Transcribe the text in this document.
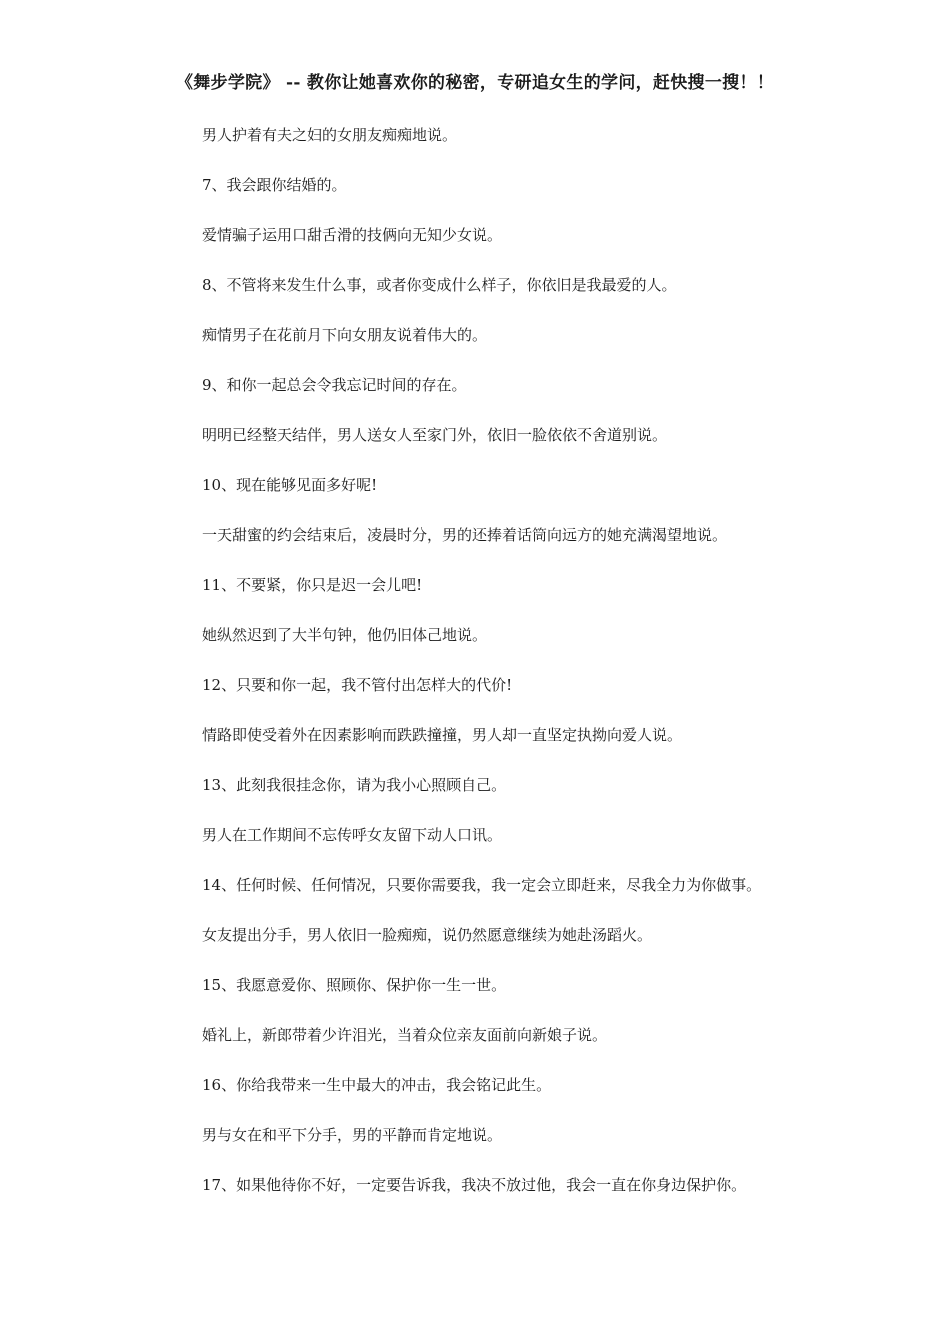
《舞步学院》 -- 教你让她喜欢你的秘密，专研追女生的学问，赶快搜一搜！！

男人护着有夫之妇的女朋友痴痴地说。

7、我会跟你结婚的。

爱情骗子运用口甜舌滑的技俩向无知少女说。

8、不管将来发生什么事，或者你变成什么样子，你依旧是我最爱的人。

痴情男子在花前月下向女朋友说着伟大的。

9、和你一起总会令我忘记时间的存在。

明明已经整天结伴，男人送女人至家门外，依旧一脸依依不舍道别说。

10、现在能够见面多好呢!

一天甜蜜的约会结束后，凌晨时分，男的还捧着话筒向远方的她充满渴望地说。

11、不要紧，你只是迟一会儿吧!

她纵然迟到了大半句钟，他仍旧体己地说。

12、只要和你一起，我不管付出怎样大的代价!

情路即使受着外在因素影响而跌跌撞撞，男人却一直坚定执拗向爱人说。

13、此刻我很挂念你，请为我小心照顾自己。

男人在工作期间不忘传呼女友留下动人口讯。

14、任何时候、任何情况，只要你需要我，我一定会立即赶来，尽我全力为你做事。

女友提出分手，男人依旧一脸痴痴，说仍然愿意继续为她赴汤蹈火。

15、我愿意爱你、照顾你、保护你一生一世。

婚礼上，新郎带着少许泪光，当着众位亲友面前向新娘子说。

16、你给我带来一生中最大的冲击，我会铭记此生。

男与女在和平下分手，男的平静而肯定地说。

17、如果他待你不好，一定要告诉我，我决不放过他，我会一直在你身边保护你。
